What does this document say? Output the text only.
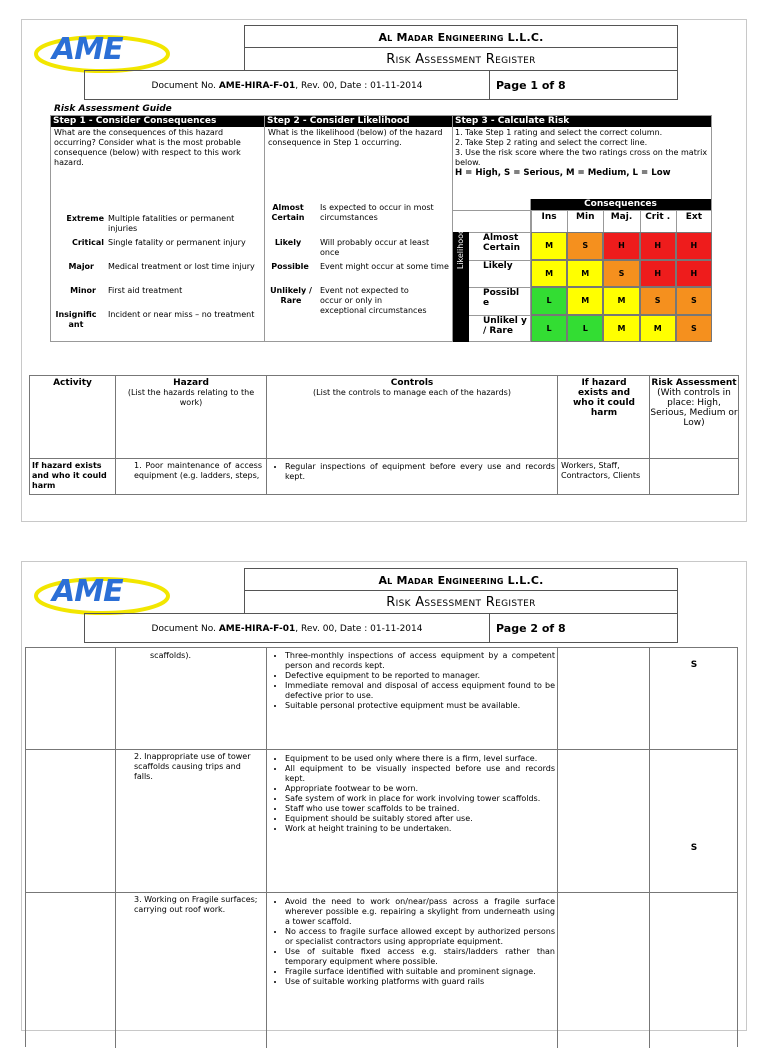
AME	Al Madar Engineering L.L.C.
Risk Assessment Register
Document No. AME-HIRA-F-01, Rev. 00, Date : 01-11-2014	Page 1 of 8
Risk Assessment Guide
Step 1 - Consider Consequences	Step 2 - Consider Likelihood	Step 3 - Calculate Risk
What are the consequences of this hazard occurring? Consider what is the most probable consequence (below) with respect to this work hazard.
What is the likelihood (below) of the hazard consequence in Step 1 occurring.
1. Take Step 1 rating and select the correct column.
2. Take Step 2 rating and select the correct line.
3. Use the risk score where the two ratings cross on the matrix below.
H = High, S = Serious, M = Medium, L = Low
Extreme Multiple fatalities or permanent injuries
Critical Single fatality or permanent injury
Major Medical treatment or lost time injury
Minor First aid treatment
Insignific ant
Incident or near miss – no treatment
Almost Certain
Is expected to occur in most circumstances
Likely	Will probably occur at least once
Possible	Event might occur at some time
Unlikely / Rare
Event not expected to occur or only in exceptional circumstances
Consequences
Ins	Min	Maj.	Crit .	Ext
Likelihood Almost Certain	M	S	H	H	H
Likely
M	M	S	H	H
Possibl e	L	M	M	S	S
Unlikel y / Rare	L	L	M	M	S
Activity	Hazard
(List the hazards relating to the work)
Controls
(List the controls to manage each of the hazards)
If hazard exists and who it could harm
Risk Assessment
(With controls in place: High, Serious, Medium or Low)
If hazard exists and who it could harm
1. Poor maintenance of access equipment (e.g. ladders, steps,
• Regular inspections of equipment before every use and records kept.
Workers, Staff, Contractors, Clients
AME	Al Madar Engineering L.L.C.
Risk Assessment Register
Document No. AME-HIRA-F-01, Rev. 00, Date : 01-11-2014	Page 2 of 8
scaffolds).
•	Three-monthly inspections of access equipment by a competent person and records kept.
• Defective equipment to be reported to manager.
• Immediate removal and disposal of access equipment found to be defective prior to use.
• Suitable personal protective equipment must be available.
S
2. Inappropriate use of tower scaffolds causing trips and falls.
• Equipment to be used only where there is a firm, level surface.
• All equipment to be visually inspected before use and records kept.
• Appropriate footwear to be worn.
• Safe system of work in place for work involving tower scaffolds.
• Staff who use tower scaffolds to be trained.
• Equipment should be suitably stored after use.
• Work at height training to be undertaken.
S
3. Working on Fragile surfaces; carrying out roof work.
• Avoid the need to work on/near/pass across a fragile surface wherever possible e.g. repairing a skylight from underneath using a tower scaffold.
• No access to fragile surface allowed except by authorized persons or specialist contractors using appropriate equipment.
• Use of suitable fixed access e.g. stairs/ladders rather than temporary equipment where possible.
• Fragile surface identified with suitable and prominent signage.
• Use of suitable working platforms with guard rails
